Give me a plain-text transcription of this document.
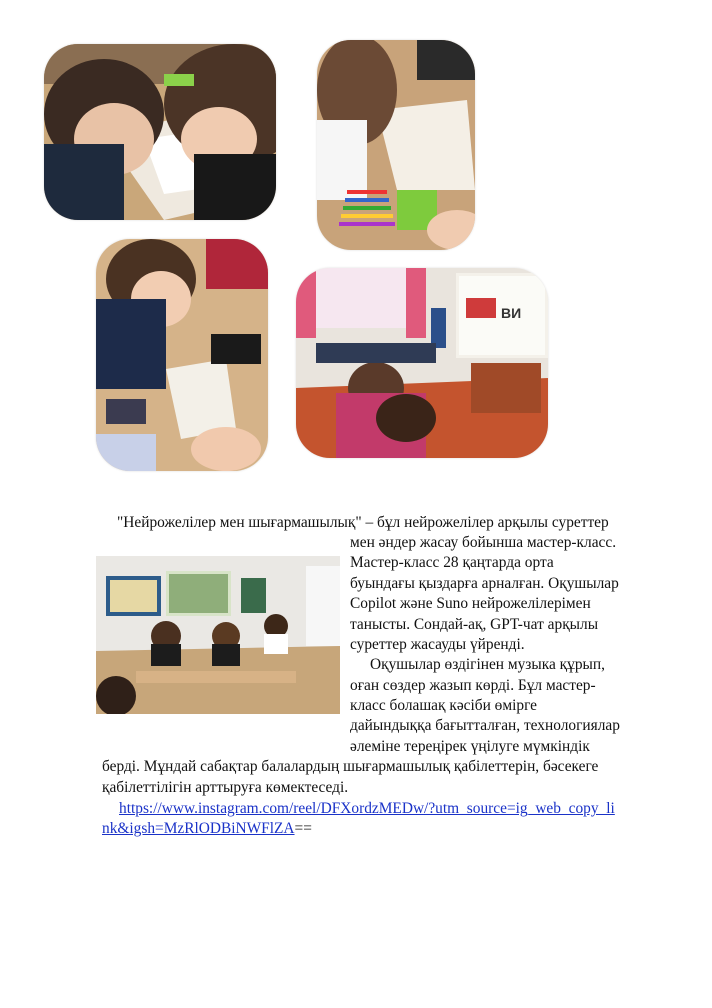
ВИ
"Нейрожелілер мен шығармашылық" – бұл нейрожелілер арқылы суреттер
мен әндер жасау бойынша мастер-класс.
Мастер-класс 28 қаңтарда орта
буындағы қыздарға арналған. Оқушылар
Copilot және Suno нейрожелілерімен
танысты. Сондай-ақ, GPT-чат арқылы
суреттер жасауды үйренді.
Оқушылар өздігінен музыка құрып,
оған сөздер жазып көрді. Бұл мастер-
класс болашақ кәсіби өмірге
дайындыққа бағытталған, технологиялар
әлеміне тереңірек үңілуге мүмкіндік
берді. Мұндай сабақтар балалардың шығармашылық қабілеттерін, бәсекеге
қабілеттілігін арттыруға көмектеседі.
https://www.instagram.com/reel/DFXordzMEDw/?utm_source=ig_web_copy_li
nk&igsh=MzRlODBiNWFlZA==
